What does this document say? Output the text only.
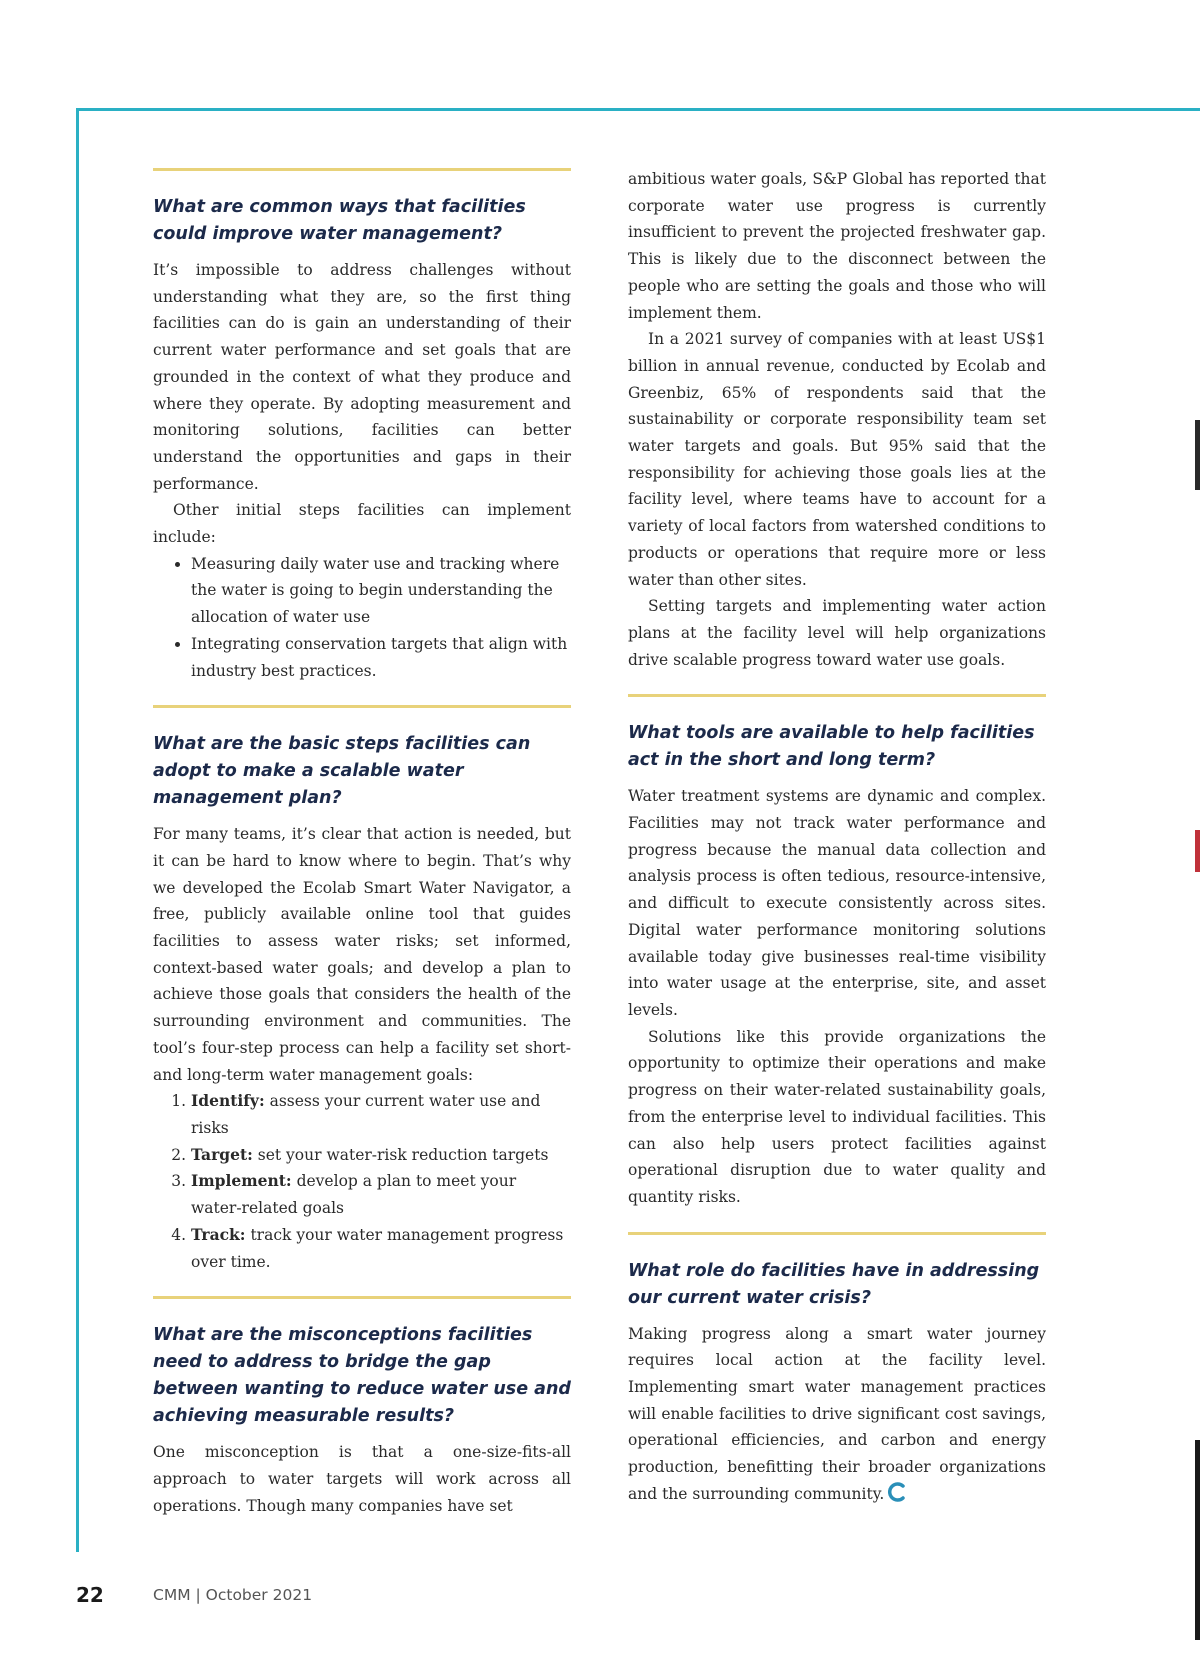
What are common ways that facilities could improve water management?

It’s impossible to address challenges without understanding what they are, so the first thing facilities can do is gain an understanding of their current water performance and set goals that are grounded in the context of what they produce and where they operate. By adopting measurement and monitoring solutions, facilities can better understand the opportunities and gaps in their performance.

Other initial steps facilities can implement include:

• Measuring daily water use and tracking where the water is going to begin understanding the allocation of water use
• Integrating conservation targets that align with industry best practices.
What are the basic steps facilities can adopt to make a scalable water management plan?

For many teams, it’s clear that action is needed, but it can be hard to know where to begin. That’s why we developed the Ecolab Smart Water Navigator, a free, publicly available online tool that guides facilities to assess water risks; set informed, context-based water goals; and develop a plan to achieve those goals that considers the health of the surrounding environment and communities. The tool’s four-step process can help a facility set short- and long-term water management goals:

1. Identify: assess your current water use and risks
2. Target: set your water-risk reduction targets
3. Implement: develop a plan to meet your water-related goals
4. Track: track your water management progress over time.
What are the misconceptions facilities need to address to bridge the gap between wanting to reduce water use and achieving measurable results?

One misconception is that a one-size-fits-all approach to water targets will work across all operations. Though many companies have set

ambitious water goals, S&P Global has reported that corporate water use progress is currently insufficient to prevent the projected freshwater gap. This is likely due to the disconnect between the people who are setting the goals and those who will implement them.

In a 2021 survey of companies with at least US$1 billion in annual revenue, conducted by Ecolab and Greenbiz, 65% of respondents said that the sustainability or corporate responsibility team set water targets and goals. But 95% said that the responsibility for achieving those goals lies at the facility level, where teams have to account for a variety of local factors from watershed conditions to products or operations that require more or less water than other sites.

Setting targets and implementing water action plans at the facility level will help organizations drive scalable progress toward water use goals.

What tools are available to help facilities act in the short and long term?

Water treatment systems are dynamic and complex. Facilities may not track water performance and progress because the manual data collection and analysis process is often tedious, resource-intensive, and difficult to execute consistently across sites. Digital water performance monitoring solutions available today give businesses real-time visibility into water usage at the enterprise, site, and asset levels.

Solutions like this provide organizations the opportunity to optimize their operations and make progress on their water-related sustainability goals, from the enterprise level to individual facilities. This can also help users protect facilities against operational disruption due to water quality and quantity risks.

What role do facilities have in addressing our current water crisis?

Making progress along a smart water journey requires local action at the facility level. Implementing smart water management practices will enable facilities to drive significant cost savings, operational efficiencies, and carbon and energy production, benefitting their broader organizations and the surrounding community.

22	CMM | October 2021
